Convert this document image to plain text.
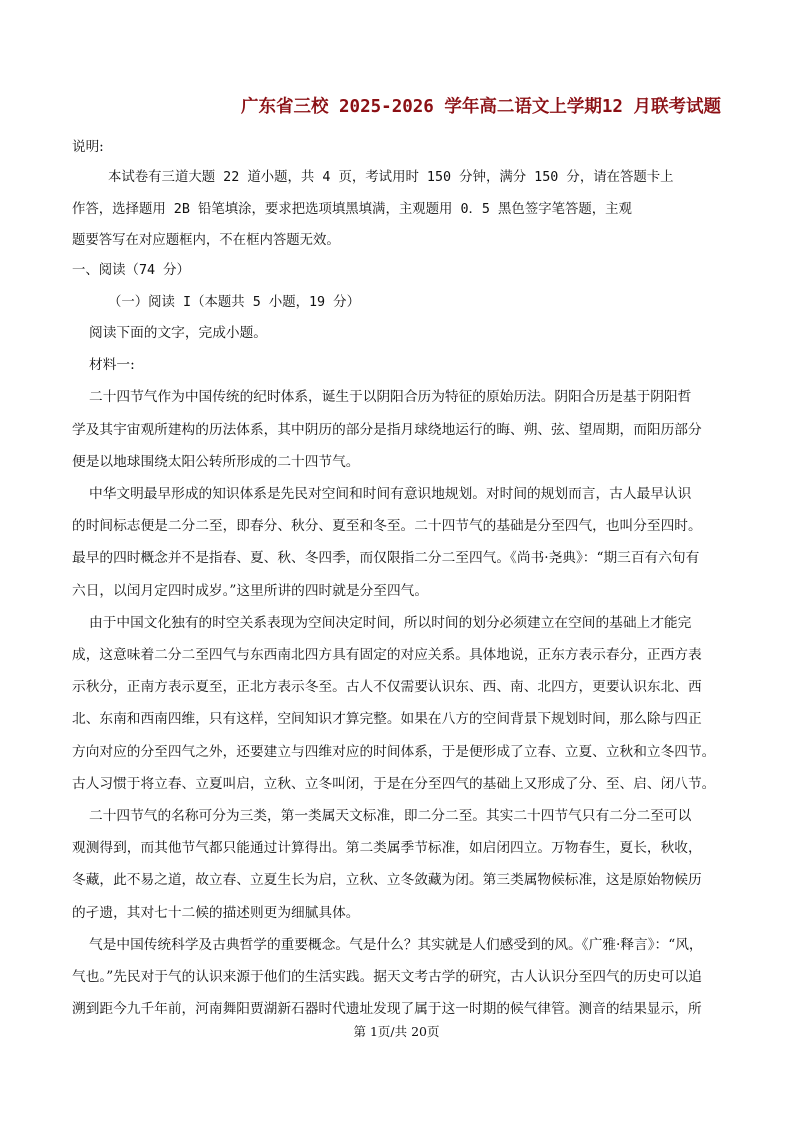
广东省三校 2025-2026 学年高二语文上学期12 月联考试题
说明:
本试卷有三道大题 22 道小题，共 4 页，考试用时 150 分钟，满分 150 分，请在答题卡上
作答，选择题用 2B 铅笔填涂，要求把选项填黑填满，主观题用 0．5 黑色签字笔答题，主观
题要答写在对应题框内，不在框内答题无效。
一、阅读（74 分）
（一）阅读 I（本题共 5 小题，19 分）
阅读下面的文字，完成小题。
材料一:
二十四节气作为中国传统的纪时体系，诞生于以阴阳合历为特征的原始历法。阴阳合历是基于阴阳哲
学及其宇宙观所建构的历法体系，其中阴历的部分是指月球绕地运行的晦、朔、弦、望周期，而阳历部分
便是以地球围绕太阳公转所形成的二十四节气。
中华文明最早形成的知识体系是先民对空间和时间有意识地规划。对时间的规划而言，古人最早认识
的时间标志便是二分二至，即春分、秋分、夏至和冬至。二十四节气的基础是分至四气，也叫分至四时。
最早的四时概念并不是指春、夏、秋、冬四季，而仅限指二分二至四气。《尚书·尧典》：“期三百有六旬有
六日，以闰月定四时成岁。”这里所讲的四时就是分至四气。
由于中国文化独有的时空关系表现为空间决定时间，所以时间的划分必须建立在空间的基础上才能完
成，这意味着二分二至四气与东西南北四方具有固定的对应关系。具体地说，正东方表示春分，正西方表
示秋分，正南方表示夏至，正北方表示冬至。古人不仅需要认识东、西、南、北四方，更要认识东北、西
北、东南和西南四维，只有这样，空间知识才算完整。如果在八方的空间背景下规划时间，那么除与四正
方向对应的分至四气之外，还要建立与四维对应的时间体系，于是便形成了立春、立夏、立秋和立冬四节。
古人习惯于将立春、立夏叫启，立秋、立冬叫闭，于是在分至四气的基础上又形成了分、至、启、闭八节。
二十四节气的名称可分为三类，第一类属天文标准，即二分二至。其实二十四节气只有二分二至可以
观测得到，而其他节气都只能通过计算得出。第二类属季节标准，如启闭四立。万物春生，夏长，秋收，
冬藏，此不易之道，故立春、立夏生长为启，立秋、立冬敛藏为闭。第三类属物候标准，这是原始物候历
的孑遗，其对七十二候的描述则更为细腻具体。
气是中国传统科学及古典哲学的重要概念。气是什么？其实就是人们感受到的风。《广雅·释言》：“风，
气也。”先民对于气的认识来源于他们的生活实践。据天文考古学的研究，古人认识分至四气的历史可以追
溯到距今九千年前，河南舞阳贾湖新石器时代遗址发现了属于这一时期的候气律管。测音的结果显示，所
第 1页/共 20页
